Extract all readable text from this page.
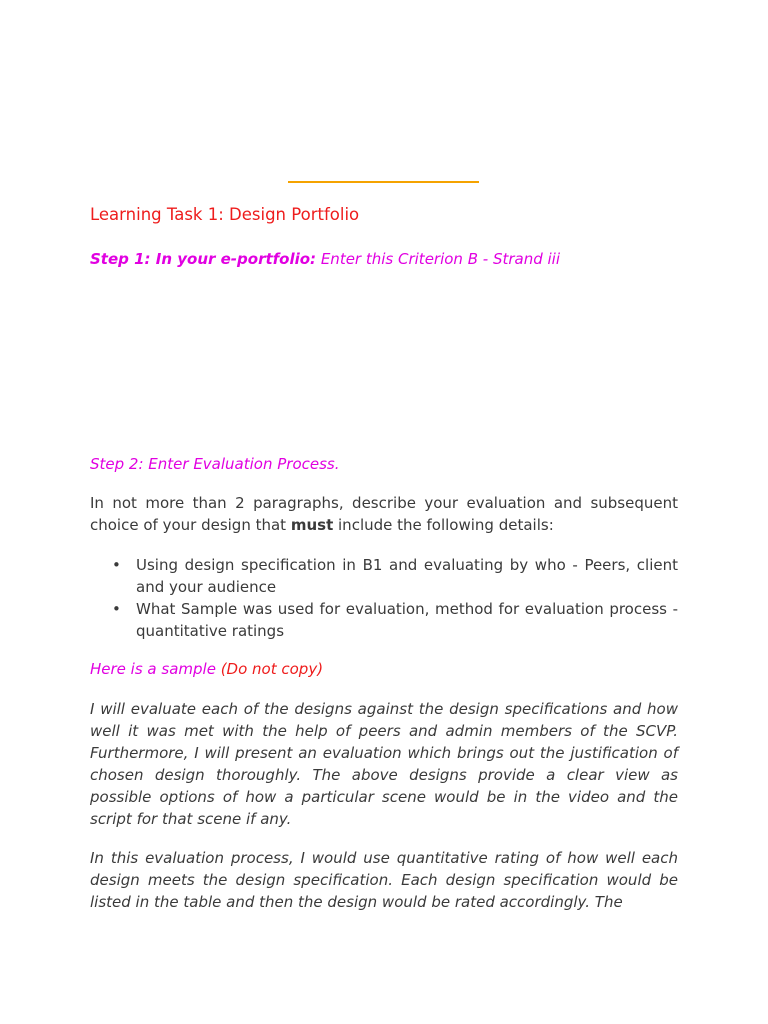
Learning Task 1: Design Portfolio

Step 1: In your e-portfolio: Enter this Criterion B - Strand iii

Step 2: Enter Evaluation Process.

In not more than 2 paragraphs, describe your evaluation and subsequent choice of your design that must include the following details:

• Using design specification in B1 and evaluating by who - Peers, client and your audience
• What Sample was used for evaluation, method for evaluation process - quantitative ratings

Here is a sample (Do not copy)

I will evaluate each of the designs against the design specifications and how well it was met with the help of peers and admin members of the SCVP. Furthermore, I will present an evaluation which brings out the justification of chosen design thoroughly. The above designs provide a clear view as possible options of how a particular scene would be in the video and the script for that scene if any.

In this evaluation process, I would use quantitative rating of how well each design meets the design specification. Each design specification would be listed in the table and then the design would be rated accordingly. The
